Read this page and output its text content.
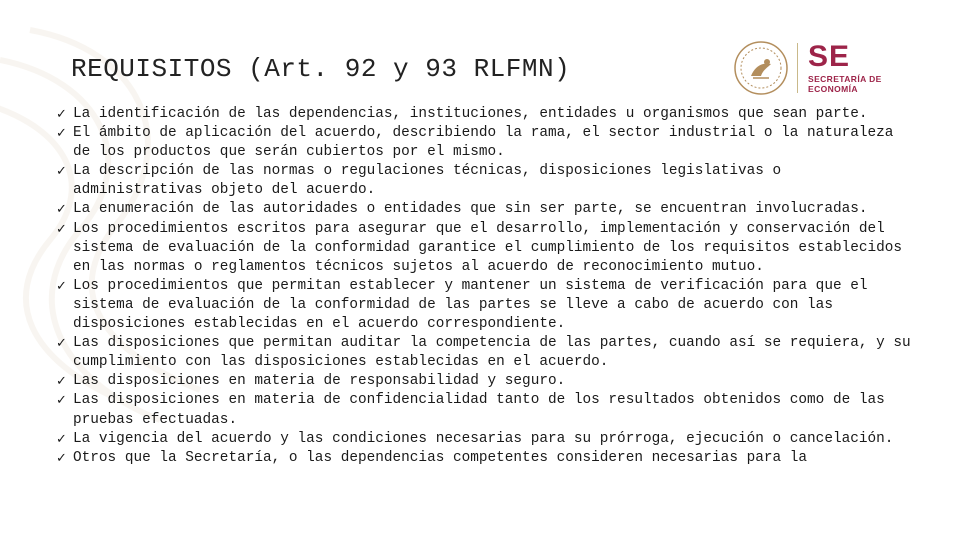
REQUISITOS (Art. 92 y 93 RLFMN)	SE
SECRETARÍA DE
ECONOMÍA
✓ La identificación de las dependencias, instituciones, entidades u organismos que sean parte.
✓ El ámbito de aplicación del acuerdo, describiendo la rama, el sector industrial o la naturaleza de los productos que serán cubiertos por el mismo.
✓ La descripción de las normas o regulaciones técnicas, disposiciones legislativas o administrativas objeto del acuerdo.
✓ La enumeración de las autoridades o entidades que sin ser parte, se encuentran involucradas.
✓ Los procedimientos escritos para asegurar que el desarrollo, implementación y conservación del sistema de evaluación de la conformidad garantice el cumplimiento de los requisitos establecidos en las normas o reglamentos técnicos sujetos al acuerdo de reconocimiento mutuo.
✓ Los procedimientos que permitan establecer y mantener un sistema de verificación para que el sistema de evaluación de la conformidad de las partes se lleve a cabo de acuerdo con las disposiciones establecidas en el acuerdo correspondiente.
✓ Las disposiciones que permitan auditar la competencia de las partes, cuando así se requiera, y su cumplimiento con las disposiciones establecidas en el acuerdo.
✓ Las disposiciones en materia de responsabilidad y seguro.
✓ Las disposiciones en materia de confidencialidad tanto de los resultados obtenidos como de las pruebas efectuadas.
✓ La vigencia del acuerdo y las condiciones necesarias para su prórroga, ejecución o cancelación.
✓ Otros que la Secretaría, o las dependencias competentes consideren necesarias para la
